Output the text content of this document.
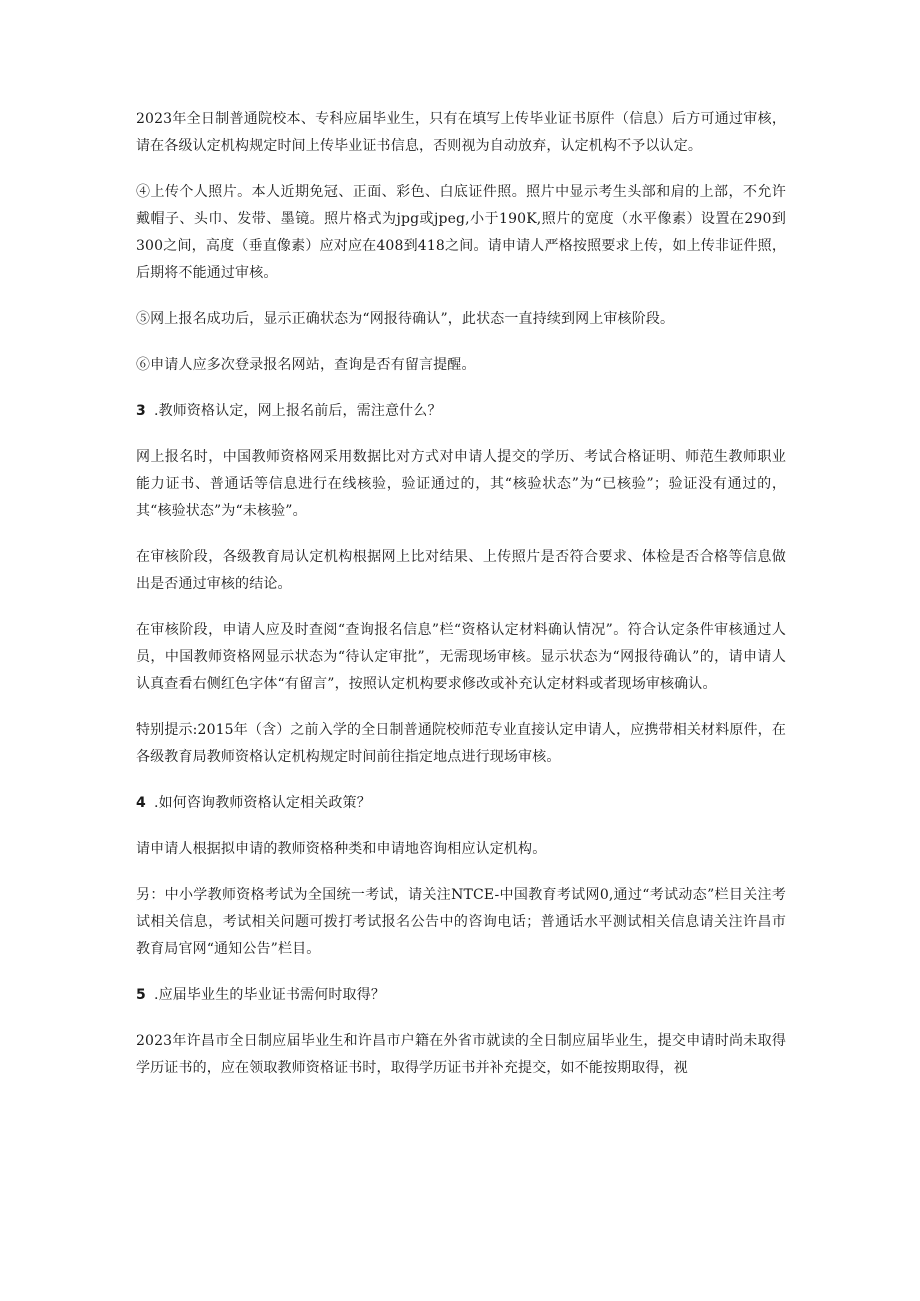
2023年全日制普通院校本、专科应届毕业生，只有在填写上传毕业证书原件（信息）后方可通过审核，请在各级认定机构规定时间上传毕业证书信息，否则视为自动放弃，认定机构不予以认定。

④上传个人照片。本人近期免冠、正面、彩色、白底证件照。照片中显示考生头部和肩的上部，不允许戴帽子、头巾、发带、墨镜。照片格式为jpg或jpeg,小于190K,照片的宽度（水平像素）设置在290到300之间，高度（垂直像素）应对应在408到418之间。请申请人严格按照要求上传，如上传非证件照，后期将不能通过审核。

⑤网上报名成功后，显示正确状态为“网报待确认”，此状态一直持续到网上审核阶段。

⑥申请人应多次登录报名网站，查询是否有留言提醒。

3 .教师资格认定，网上报名前后，需注意什么？

网上报名时，中国教师资格网采用数据比对方式对申请人提交的学历、考试合格证明、师范生教师职业能力证书、普通话等信息进行在线核验，验证通过的，其“核验状态”为“已核验”；验证没有通过的，其“核验状态”为“未核验”。

在审核阶段，各级教育局认定机构根据网上比对结果、上传照片是否符合要求、体检是否合格等信息做出是否通过审核的结论。

在审核阶段，申请人应及时查阅“查询报名信息”栏“资格认定材料确认情况”。符合认定条件审核通过人员，中国教师资格网显示状态为“待认定审批”，无需现场审核。显示状态为“网报待确认”的，请申请人认真查看右侧红色字体“有留言”，按照认定机构要求修改或补充认定材料或者现场审核确认。

特别提示:2015年（含）之前入学的全日制普通院校师范专业直接认定申请人，应携带相关材料原件，在各级教育局教师资格认定机构规定时间前往指定地点进行现场审核。

4 .如何咨询教师资格认定相关政策？

请申请人根据拟申请的教师资格种类和申请地咨询相应认定机构。

另：中小学教师资格考试为全国统一考试，请关注NTCE-中国教育考试网0,通过“考试动态”栏目关注考试相关信息，考试相关问题可拨打考试报名公告中的咨询电话；普通话水平测试相关信息请关注许昌市教育局官网“通知公告”栏目。

5 .应届毕业生的毕业证书需何时取得？

2023年许昌市全日制应届毕业生和许昌市户籍在外省市就读的全日制应届毕业生，提交申请时尚未取得学历证书的，应在领取教师资格证书时，取得学历证书并补充提交，如不能按期取得，视
